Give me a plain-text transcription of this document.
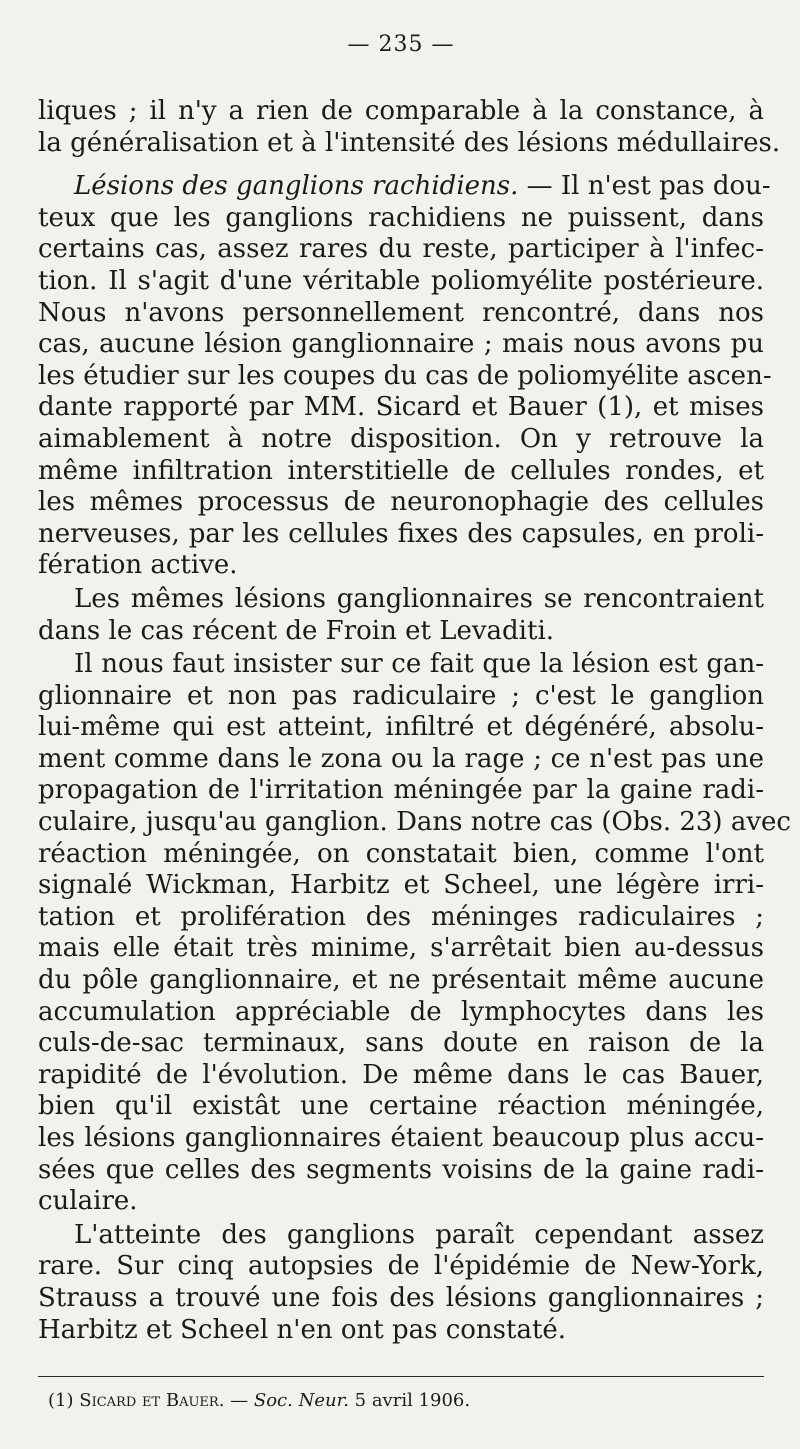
— 235 —
liques ; il n'y a rien de comparable à la constance, à
la généralisation et à l'intensité des lésions médullaires.
Lésions des ganglions rachidiens. — Il n'est pas dou-
teux que les ganglions rachidiens ne puissent, dans
certains cas, assez rares du reste, participer à l'infec-
tion. Il s'agit d'une véritable poliomyélite postérieure.
Nous n'avons personnellement rencontré, dans nos
cas, aucune lésion ganglionnaire ; mais nous avons pu
les étudier sur les coupes du cas de poliomyélite ascen-
dante rapporté par MM. Sicard et Bauer (1), et mises
aimablement à notre disposition. On y retrouve la
même infiltration interstitielle de cellules rondes, et
les mêmes processus de neuronophagie des cellules
nerveuses, par les cellules fixes des capsules, en proli-
fération active.
Les mêmes lésions ganglionnaires se rencontraient
dans le cas récent de Froin et Levaditi.
Il nous faut insister sur ce fait que la lésion est gan-
glionnaire et non pas radiculaire ; c'est le ganglion
lui-même qui est atteint, infiltré et dégénéré, absolu-
ment comme dans le zona ou la rage ; ce n'est pas une
propagation de l'irritation méningée par la gaine radi-
culaire, jusqu'au ganglion. Dans notre cas (Obs. 23) avec
réaction méningée, on constatait bien, comme l'ont
signalé Wickman, Harbitz et Scheel, une légère irri-
tation et prolifération des méninges radiculaires ;
mais elle était très minime, s'arrêtait bien au-dessus
du pôle ganglionnaire, et ne présentait même aucune
accumulation appréciable de lymphocytes dans les
culs-de-sac terminaux, sans doute en raison de la
rapidité de l'évolution. De même dans le cas Bauer,
bien qu'il existât une certaine réaction méningée,
les lésions ganglionnaires étaient beaucoup plus accu-
sées que celles des segments voisins de la gaine radi-
culaire.
L'atteinte des ganglions paraît cependant assez
rare. Sur cinq autopsies de l'épidémie de New-York,
Strauss a trouvé une fois des lésions ganglionnaires ;
Harbitz et Scheel n'en ont pas constaté.
(1) Sicard et Bauer. — Soc. Neur. 5 avril 1906.
